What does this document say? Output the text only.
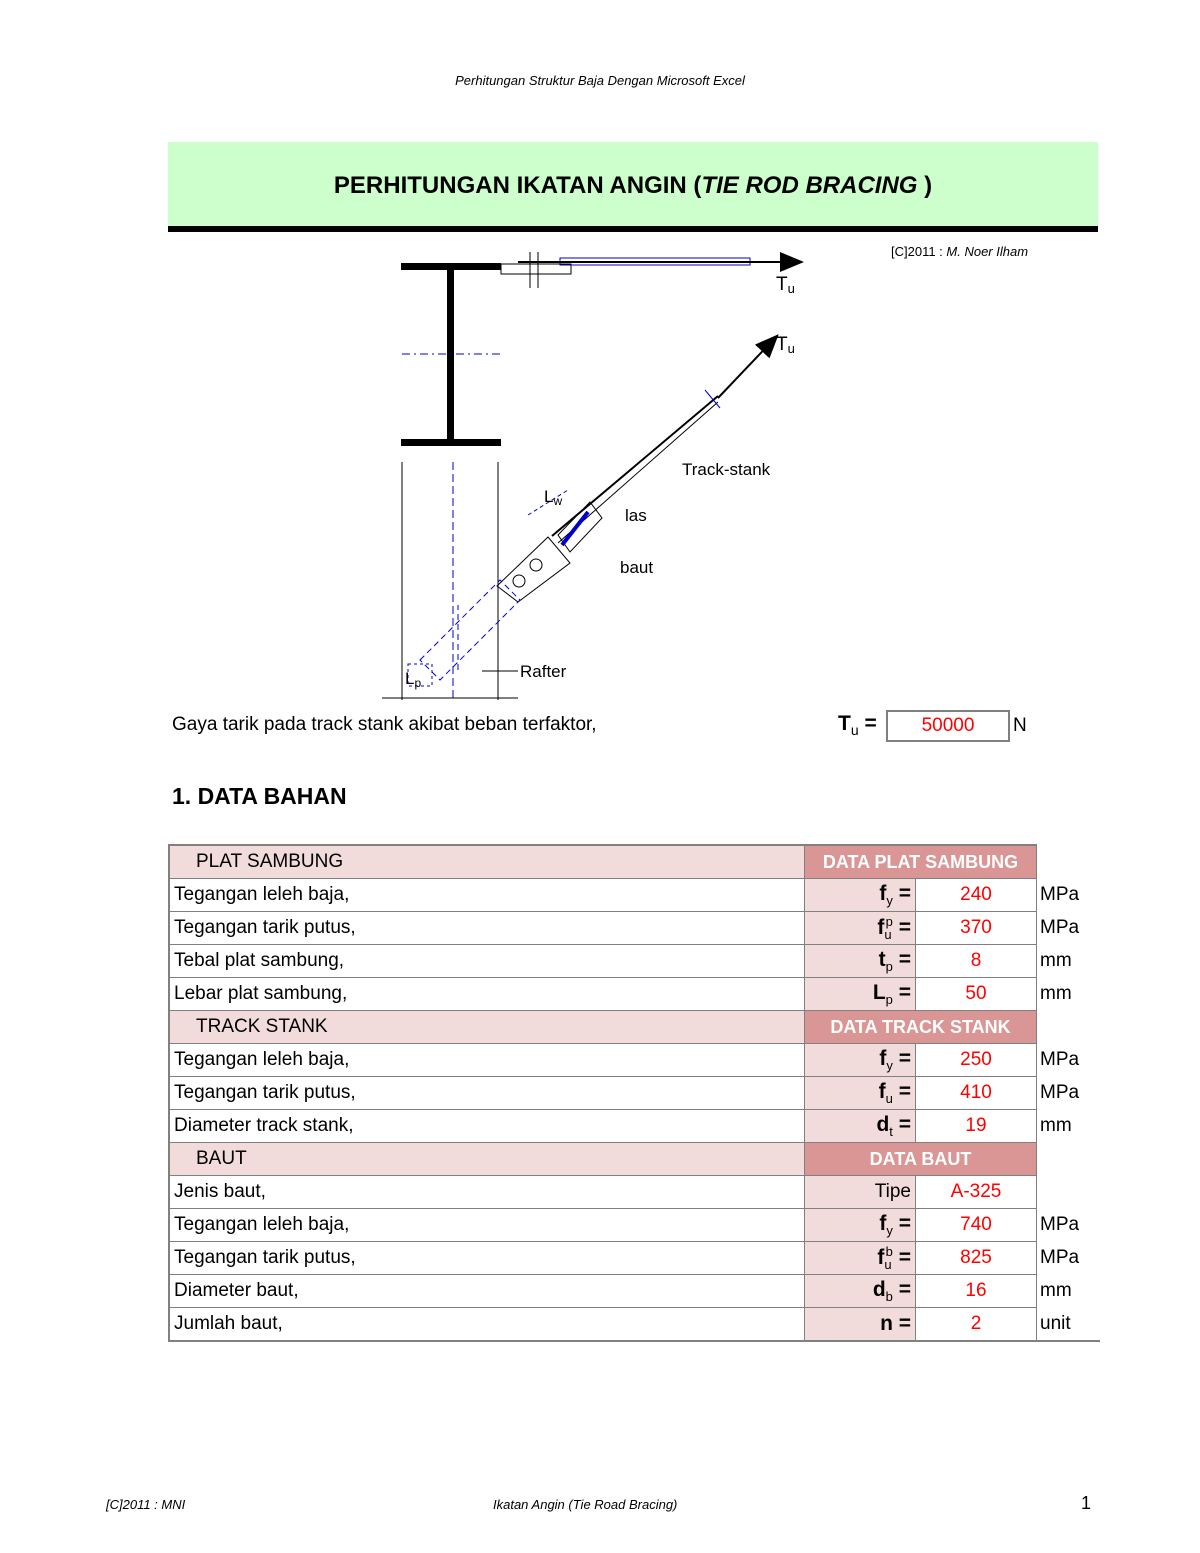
Perhitungan Struktur Baja Dengan Microsoft Excel
PERHITUNGAN IKATAN ANGIN (TIE ROD BRACING )
[C]2011 : M. Noer Ilham
Tu
Tu
Track-stank
las
baut
Rafter
Lw
Lp
Gaya tarik pada track stank akibat beban terfaktor,	$T_u$ =	50000	N
1. DATA BAHAN
PLAT SAMBUNG	DATA PLAT SAMBUNG		
Tegangan leleh baja,	$f_y$ =	240	MPa
Tegangan tarik putus,	$f_u^p$ =	370	MPa
Tebal plat sambung,	$t_p$ =	8	mm
Lebar plat sambung,	$L_p$ =	50	mm
TRACK STANK	DATA TRACK STANK		
Tegangan leleh baja,	$f_y$ =	250	MPa
Tegangan tarik putus,	$f_u$ =	410	MPa
Diameter track stank,	$d_t$ =	19	mm
BAUT	DATA BAUT		
Jenis baut,	Tipe	A-325	
Tegangan leleh baja,	$f_y$ =	740	MPa
Tegangan tarik putus,	$f_u^b$ =	825	MPa
Diameter baut,	$d_b$ =	16	mm
Jumlah baut,	n =	2	unit
[C]2011 : MNI	Ikatan Angin (Tie Road Bracing)	1
